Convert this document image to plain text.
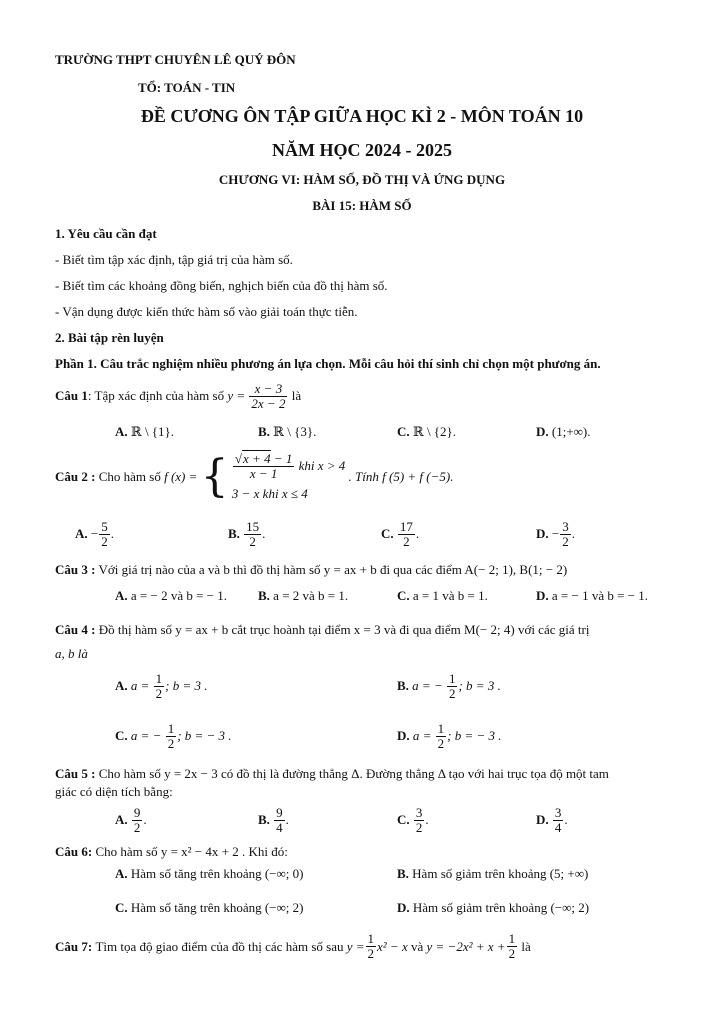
TRƯỜNG THPT CHUYÊN LÊ QUÝ ĐÔN
TỔ: TOÁN - TIN
ĐỀ CƯƠNG ÔN TẬP GIỮA HỌC KÌ 2 - MÔN TOÁN 10
NĂM HỌC 2024 - 2025
CHƯƠNG VI: HÀM SỐ, ĐỒ THỊ VÀ ỨNG DỤNG
BÀI 15: HÀM SỐ
1. Yêu cầu cần đạt
- Biết tìm tập xác định, tập giá trị của hàm số.
- Biết tìm các khoảng đồng biến, nghịch biến của đồ thị hàm số.
- Vận dụng được kiến thức hàm số vào giải toán thực tiễn.
2. Bài tập rèn luyện
Phần 1. Câu trắc nghiệm nhiều phương án lựa chọn. Mỗi câu hỏi thí sinh chỉ chọn một phương án.
Câu 1: Tập xác định của hàm số $y = \frac{x - 3}{2x - 2}$ là
A. ℝ \ {1}.	B. ℝ \ {3}.	C. ℝ \ {2}.	D. (1;+∞).
Câu 2 : Cho hàm số f (x) = { $\frac{√x + 4 - 1}{x - 1}$ khi x > 4
3 − x khi x ≤ 4
. Tính f (5) + f (−5).
A. − $\frac{5}{2}$ .	B. $\frac{15}{2}$ .	C. $\frac{17}{2}$ .	D. − $\frac{3}{2}$ .
Câu 3 : Với giá trị nào của a và b thì đồ thị hàm số y = ax + b đi qua các điểm A(− 2; 1), B(1; − 2)
A. a = − 2 và b = − 1. B. a = 2 và b = 1.	C. a = 1 và b = 1.	D. a = − 1 và b = − 1.
Câu 4 : Đồ thị hàm số y = ax + b cắt trục hoành tại điểm x = 3 và đi qua điểm M(− 2; 4) với các giá trị
a, b là
A. $a = \frac{1}{2}$ ; b = 3 .	B. a = − $\frac{1}{2}$ ; b = 3 .
C. a = − $\frac{1}{2}$ ; b = − 3 .	D. $a = \frac{1}{2}$ ; b = − 3 .
Câu 5 : Cho hàm số y = 2x − 3 có đồ thị là đường thẳng Δ. Đường thẳng Δ tạo với hai trục tọa độ một tam
giác có diện tích bằng:
A. $\frac{9}{2}$ .	B. $\frac{9}{4}$ .	C. $\frac{3}{2}$ .	D. $\frac{3}{4}$ .
Câu 6: Cho hàm số y = x² − 4x + 2 . Khi đó:
A. Hàm số tăng trên khoảng (−∞; 0)	B. Hàm số giảm trên khoảng (5; +∞)
C. Hàm số tăng trên khoảng (−∞; 2)	D. Hàm số giảm trên khoảng (−∞; 2)
Câu 7: Tìm tọa độ giao điểm của đồ thị các hàm số sau $y = \frac{1}{2} x^2 - x$ và $y = -2x^2 + x + \frac{1}{2}$ là
